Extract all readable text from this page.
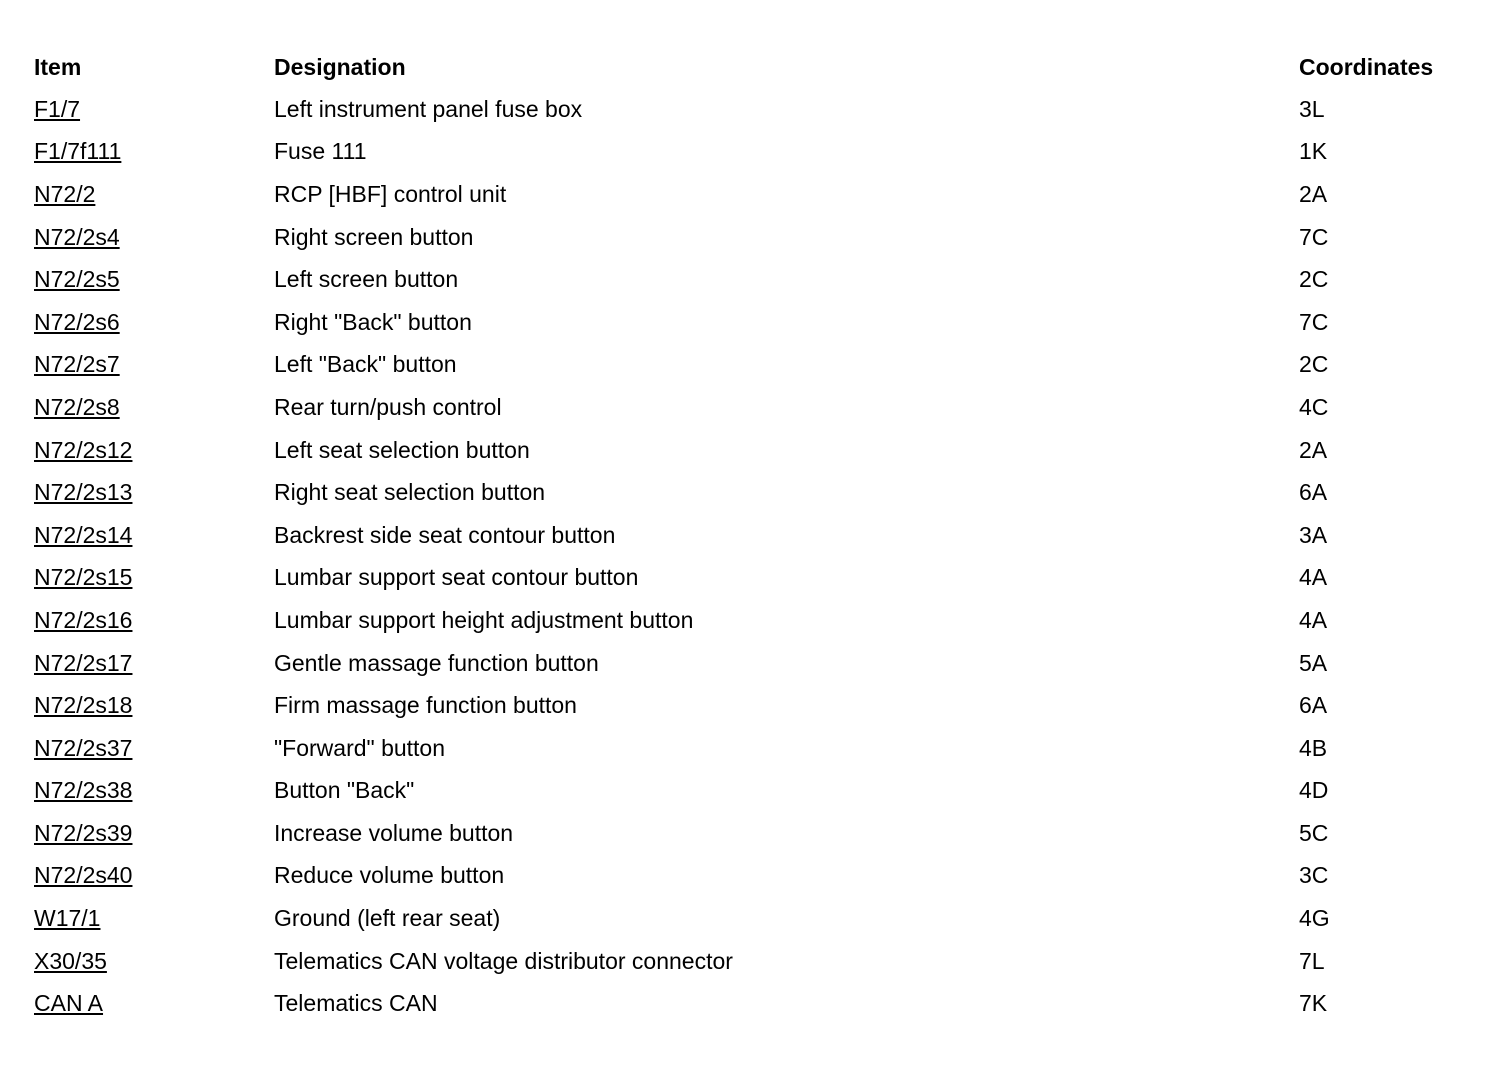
Item	Designation	Coordinates
F1/7	Left instrument panel fuse box	3L
F1/7f111	Fuse 111	1K
N72/2	RCP [HBF] control unit	2A
N72/2s4	Right screen button	7C
N72/2s5	Left screen button	2C
N72/2s6	Right "Back" button	7C
N72/2s7	Left "Back" button	2C
N72/2s8	Rear turn/push control	4C
N72/2s12	Left seat selection button	2A
N72/2s13	Right seat selection button	6A
N72/2s14	Backrest side seat contour button	3A
N72/2s15	Lumbar support seat contour button	4A
N72/2s16	Lumbar support height adjustment button	4A
N72/2s17	Gentle massage function button	5A
N72/2s18	Firm massage function button	6A
N72/2s37	"Forward" button	4B
N72/2s38	Button "Back"	4D
N72/2s39	Increase volume button	5C
N72/2s40	Reduce volume button	3C
W17/1	Ground (left rear seat)	4G
X30/35	Telematics CAN voltage distributor connector	7L
CAN A	Telematics CAN	7K
